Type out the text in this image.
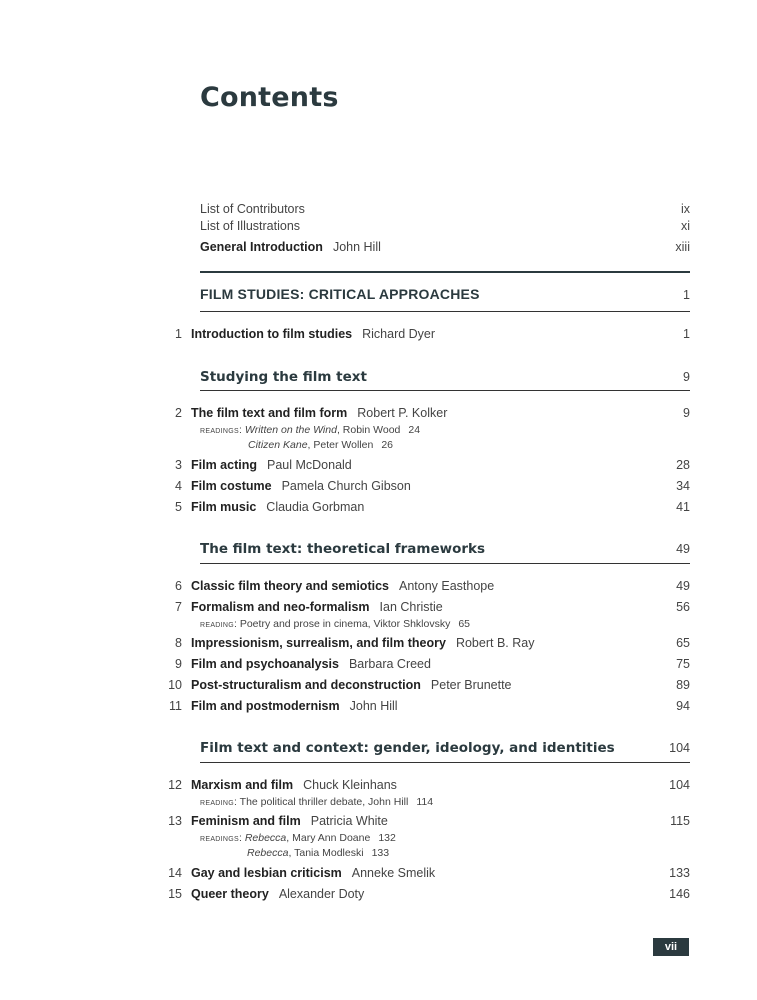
Contents
List of Contributors	ix
List of Illustrations	xi
General Introduction John Hill	xiii
FILM STUDIES: CRITICAL APPROACHES	1
1 Introduction to film studies Richard Dyer	1
Studying the film text	9
2 The film text and film form Robert P. Kolker	9
readings: Written on the Wind, Robin Wood 24
Citizen Kane, Peter Wollen 26
3 Film acting Paul McDonald	28
4 Film costume Pamela Church Gibson	34
5 Film music Claudia Gorbman	41
The film text: theoretical frameworks	49
6 Classic film theory and semiotics Antony Easthope	49
7 Formalism and neo-formalism Ian Christie	56
reading: Poetry and prose in cinema, Viktor Shklovsky 65
8 Impressionism, surrealism, and film theory Robert B. Ray	65
9 Film and psychoanalysis Barbara Creed	75
10 Post-structuralism and deconstruction Peter Brunette	89
11 Film and postmodernism John Hill	94
Film text and context: gender, ideology, and identities	104
12 Marxism and film Chuck Kleinhans	104
reading: The political thriller debate, John Hill 114
13 Feminism and film Patricia White	115
readings: Rebecca, Mary Ann Doane 132
Rebecca, Tania Modleski 133
14 Gay and lesbian criticism Anneke Smelik	133
15 Queer theory Alexander Doty	146
vii
